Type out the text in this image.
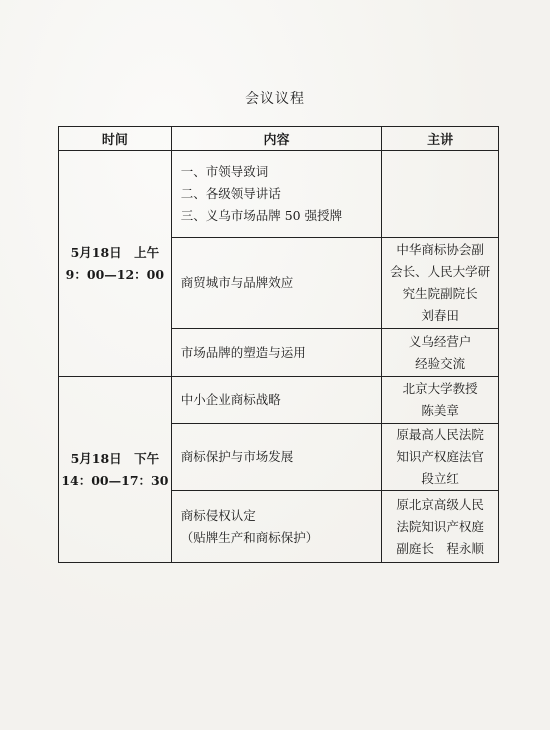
会议议程
时间	内容	主讲

5月18日　上午
9：00—12：00	一、市领导致词
二、各级领导讲话
三、义乌市场品牌 50 强授牌	

	商贸城市与品牌效应	中华商标协会副
会长、人民大学研
究生院副院长
刘春田

	市场品牌的塑造与运用	义乌经营户
经验交流

5月18日　下午
14：00—17：30	中小企业商标战略	北京大学教授
陈美章

	商标保护与市场发展	原最高人民法院
知识产权庭法官
段立红

	商标侵权认定
（贴牌生产和商标保护）	原北京高级人民
法院知识产权庭
副庭长　程永顺
